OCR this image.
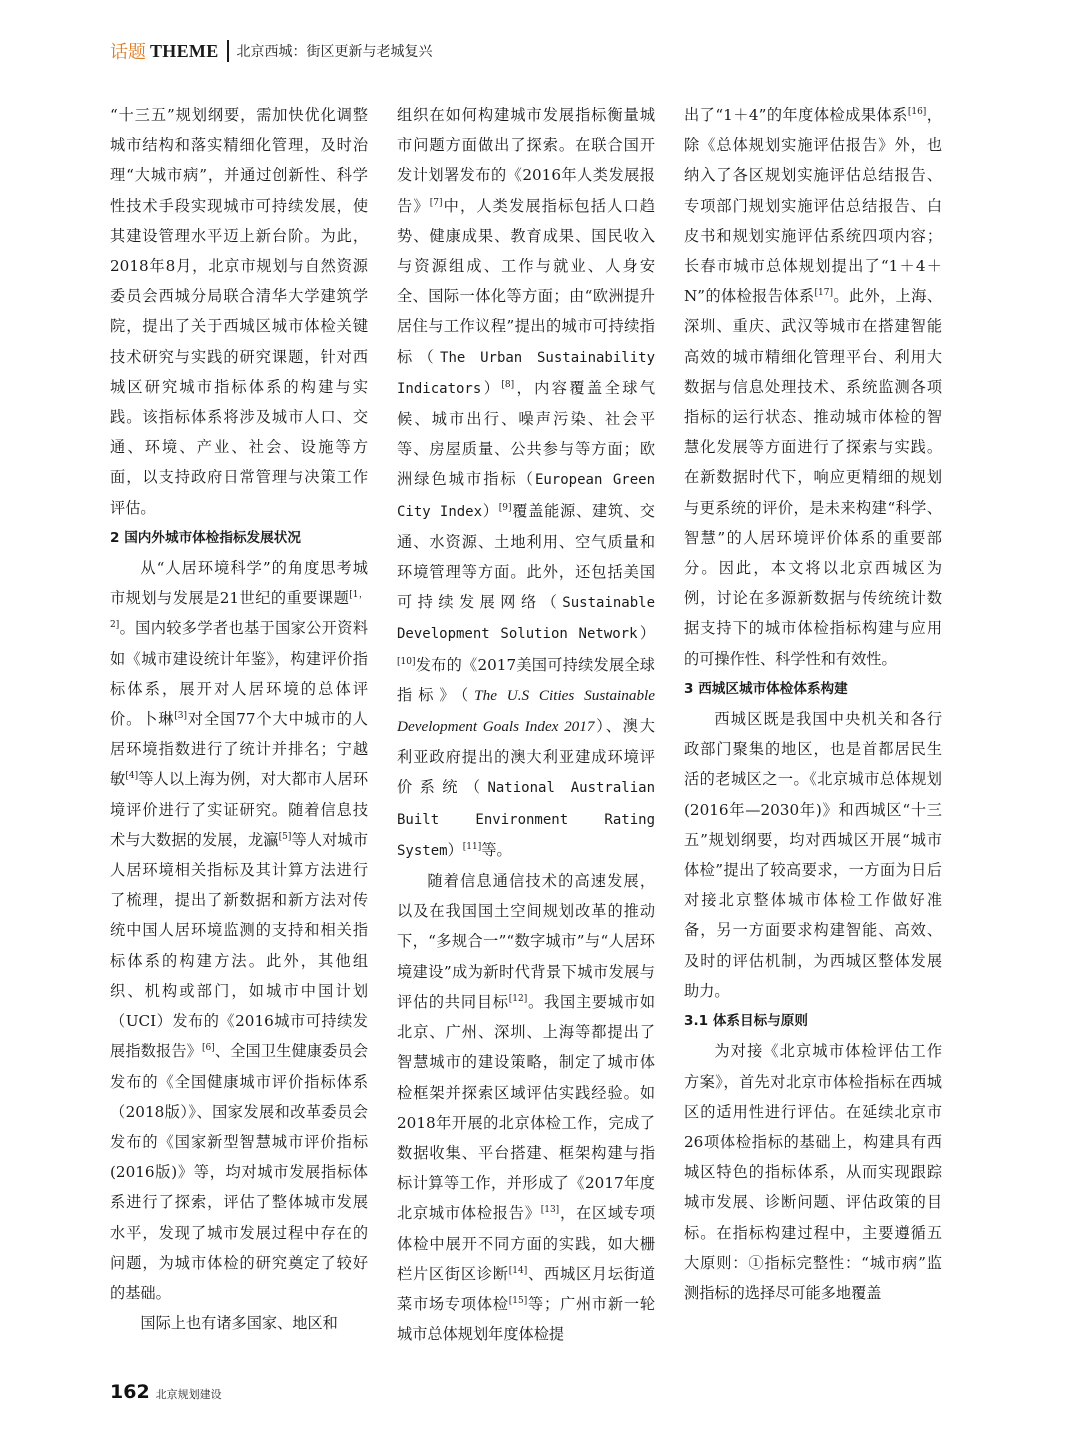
话题 THEME 北京西城：街区更新与老城复兴

“十三五”规划纲要，需加快优化调整城市结构和落实精细化管理，及时治理“大城市病”，并通过创新性、科学性技术手段实现城市可持续发展，使其建设管理水平迈上新台阶。为此，2018年8月，北京市规划与自然资源委员会西城分局联合清华大学建筑学院，提出了关于西城区城市体检关键技术研究与实践的研究课题，针对西城区研究城市指标体系的构建与实践。该指标体系将涉及城市人口、交通、环境、产业、社会、设施等方面，以支持政府日常管理与决策工作评估。

2 国内外城市体检指标发展状况

从“人居环境科学”的角度思考城市规划与发展是21世纪的重要课题[1，2]。国内较多学者也基于国家公开资料如《城市建设统计年鉴》，构建评价指标体系，展开对人居环境的总体评价。卜琳[3]对全国77个大中城市的人居环境指数进行了统计并排名；宁越敏[4]等人以上海为例，对大都市人居环境评价进行了实证研究。随着信息技术与大数据的发展，龙瀛[5]等人对城市人居环境相关指标及其计算方法进行了梳理，提出了新数据和新方法对传统中国人居环境监测的支持和相关指标体系的构建方法。此外，其他组织、机构或部门，如城市中国计划（UCI）发布的《2016城市可持续发展指数报告》[6]、全国卫生健康委员会发布的《全国健康城市评价指标体系（2018版）》、国家发展和改革委员会发布的《国家新型智慧城市评价指标(2016版)》等，均对城市发展指标体系进行了探索，评估了整体城市发展水平，发现了城市发展过程中存在的问题，为城市体检的研究奠定了较好的基础。

国际上也有诸多国家、地区和

组织在如何构建城市发展指标衡量城市问题方面做出了探索。在联合国开发计划署发布的《2016年人类发展报告》[7]中，人类发展指标包括人口趋势、健康成果、教育成果、国民收入与资源组成、工作与就业、人身安全、国际一体化等方面；由“欧洲提升居住与工作议程”提出的城市可持续指标（The Urban Sustainability Indicators）[8]，内容覆盖全球气候、城市出行、噪声污染、社会平等、房屋质量、公共参与等方面；欧洲绿色城市指标（European Green City Index）[9]覆盖能源、建筑、交通、水资源、土地利用、空气质量和环境管理等方面。此外，还包括美国可持续发展网络（Sustainable Development Solution Network）[10]发布的《2017美国可持续发展全球指标》（The U.S Cities Sustainable Development Goals Index 2017）、澳大利亚政府提出的澳大利亚建成环境评价系统（National Australian Built Environment Rating System）[11]等。

随着信息通信技术的高速发展，以及在我国国土空间规划改革的推动下，“多规合一”“数字城市”与“人居环境建设”成为新时代背景下城市发展与评估的共同目标[12]。我国主要城市如北京、广州、深圳、上海等都提出了智慧城市的建设策略，制定了城市体检框架并探索区域评估实践经验。如2018年开展的北京体检工作，完成了数据收集、平台搭建、框架构建与指标计算等工作，并形成了《2017年度北京城市体检报告》[13]，在区域专项体检中展开不同方面的实践，如大栅栏片区街区诊断[14]、西城区月坛街道菜市场专项体检[15]等；广州市新一轮城市总体规划年度体检提

出了“1＋4”的年度体检成果体系[16]，除《总体规划实施评估报告》外，也纳入了各区规划实施评估总结报告、专项部门规划实施评估总结报告、白皮书和规划实施评估系统四项内容；长春市城市总体规划提出了“1＋4＋N”的体检报告体系[17]。此外，上海、深圳、重庆、武汉等城市在搭建智能高效的城市精细化管理平台、利用大数据与信息处理技术、系统监测各项指标的运行状态、推动城市体检的智慧化发展等方面进行了探索与实践。在新数据时代下，响应更精细的规划与更系统的评价，是未来构建“科学、智慧”的人居环境评价体系的重要部分。因此，本文将以北京西城区为例，讨论在多源新数据与传统统计数据支持下的城市体检指标构建与应用的可操作性、科学性和有效性。

3 西城区城市体检体系构建

西城区既是我国中央机关和各行政部门聚集的地区，也是首都居民生活的老城区之一。《北京城市总体规划(2016年—2030年)》和西城区“十三五”规划纲要，均对西城区开展“城市体检”提出了较高要求，一方面为日后对接北京整体城市体检工作做好准备，另一方面要求构建智能、高效、及时的评估机制，为西城区整体发展助力。

3.1 体系目标与原则

为对接《北京城市体检评估工作方案》，首先对北京市体检指标在西城区的适用性进行评估。在延续北京市26项体检指标的基础上，构建具有西城区特色的指标体系，从而实现跟踪城市发展、诊断问题、评估政策的目标。在指标构建过程中，主要遵循五大原则：①指标完整性：“城市病”监测指标的选择尽可能多地覆盖

162 北京规划建设
